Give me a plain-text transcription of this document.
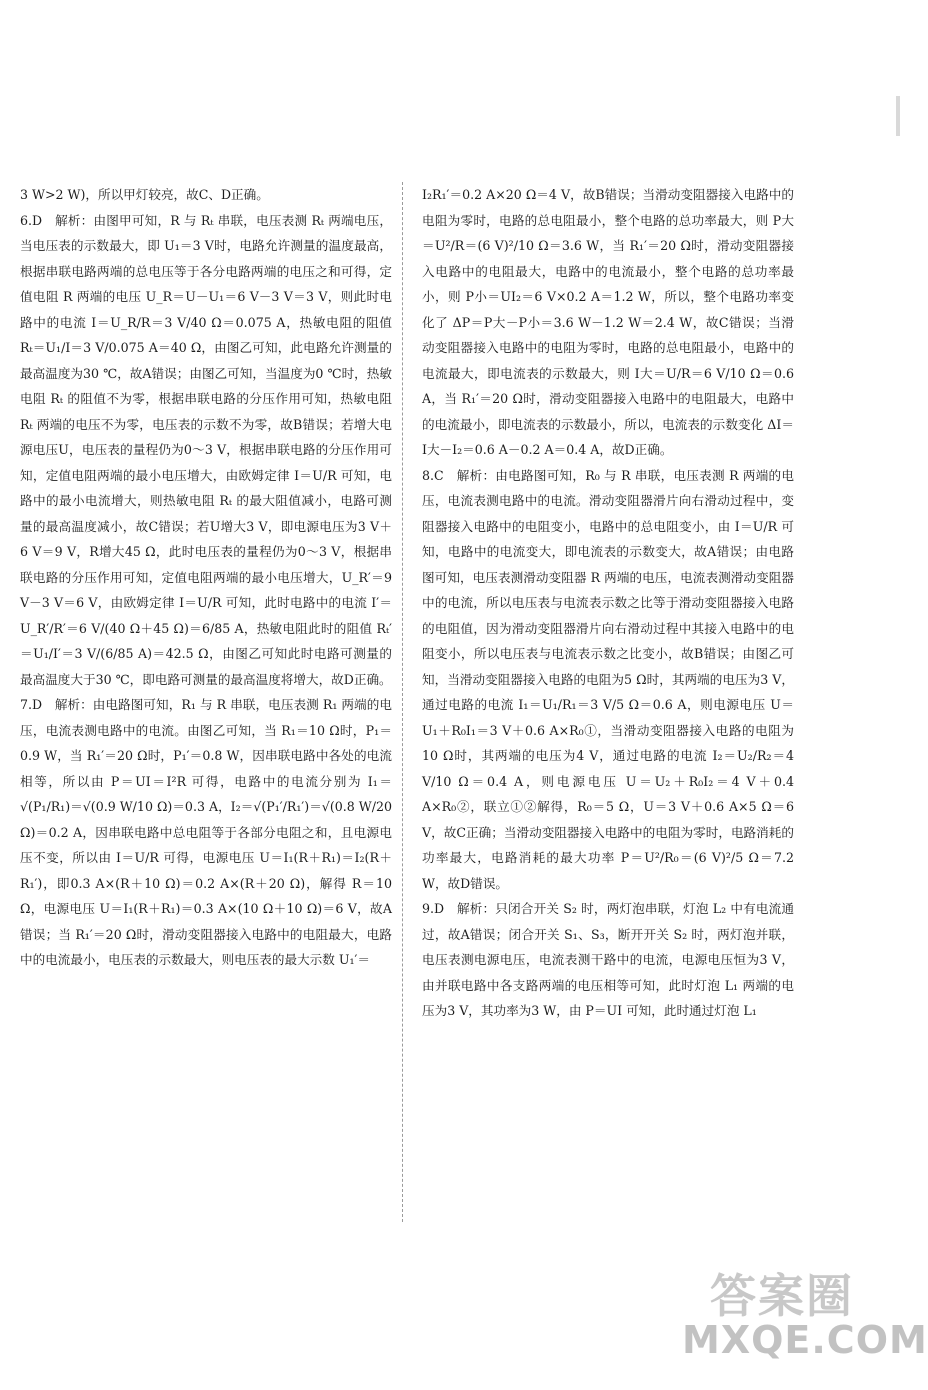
3 W>2 W)，所以甲灯较亮，故C、D正确。

6.D　解析：由图甲可知，R 与 Rₜ 串联，电压表测 Rₜ 两端电压，当电压表的示数最大，即 U₁＝3 V时，电路允许测量的温度最高，根据串联电路两端的总电压等于各分电路两端的电压之和可得，定值电阻 R 两端的电压 U_R＝U－U₁＝6 V－3 V＝3 V，则此时电路中的电流 I＝U_R/R＝3 V/40 Ω＝0.075 A，热敏电阻的阻值 Rₜ＝U₁/I＝3 V/0.075 A＝40 Ω，由图乙可知，此电路允许测量的最高温度为30 ℃，故A错误；由图乙可知，当温度为0 ℃时，热敏电阻 Rₜ 的阻值不为零，根据串联电路的分压作用可知，热敏电阻 Rₜ 两端的电压不为零，电压表的示数不为零，故B错误；若增大电源电压U，电压表的量程仍为0～3 V，根据串联电路的分压作用可知，定值电阻两端的最小电压增大，由欧姆定律 I＝U/R 可知，电路中的最小电流增大，则热敏电阻 Rₜ 的最大阻值减小，电路可测量的最高温度减小，故C错误；若U增大3 V，即电源电压为3 V＋6 V＝9 V，R增大45 Ω，此时电压表的量程仍为0～3 V，根据串联电路的分压作用可知，定值电阻两端的最小电压增大，U_R′＝9 V－3 V＝6 V，由欧姆定律 I＝U/R 可知，此时电路中的电流 I′＝U_R′/R′＝6 V/(40 Ω＋45 Ω)＝6/85 A，热敏电阻此时的阻值 Rₜ′＝U₁/I′＝3 V/(6/85 A)＝42.5 Ω，由图乙可知此时电路可测量的最高温度大于30 ℃，即电路可测量的最高温度将增大，故D正确。

7.D　解析：由电路图可知，R₁ 与 R 串联，电压表测 R₁ 两端的电压，电流表测电路中的电流。由图乙可知，当 R₁＝10 Ω时，P₁＝0.9 W，当 R₁′＝20 Ω时，P₁′＝0.8 W，因串联电路中各处的电流相等，所以由 P＝UI＝I²R 可得，电路中的电流分别为 I₁＝√(P₁/R₁)＝√(0.9 W/10 Ω)＝0.3 A，I₂＝√(P₁′/R₁′)＝√(0.8 W/20 Ω)＝0.2 A，因串联电路中总电阻等于各部分电阻之和，且电源电压不变，所以由 I＝U/R 可得，电源电压 U＝I₁(R＋R₁)＝I₂(R＋R₁′)，即0.3 A×(R＋10 Ω)＝0.2 A×(R＋20 Ω)，解得 R＝10 Ω，电源电压 U＝I₁(R＋R₁)＝0.3 A×(10 Ω＋10 Ω)＝6 V，故A错误；当 R₁′＝20 Ω时，滑动变阻器接入电路中的电阻最大，电路中的电流最小，电压表的示数最大，则电压表的最大示数 U₁′＝

I₂R₁′＝0.2 A×20 Ω＝4 V，故B错误；当滑动变阻器接入电路中的电阻为零时，电路的总电阻最小，整个电路的总功率最大，则 P大＝U²/R＝(6 V)²/10 Ω＝3.6 W，当 R₁′＝20 Ω时，滑动变阻器接入电路中的电阻最大，电路中的电流最小，整个电路的总功率最小，则 P小＝UI₂＝6 V×0.2 A＝1.2 W，所以，整个电路功率变化了 ΔP＝P大－P小＝3.6 W－1.2 W＝2.4 W，故C错误；当滑动变阻器接入电路中的电阻为零时，电路的总电阻最小，电路中的电流最大，即电流表的示数最大，则 I大＝U/R＝6 V/10 Ω＝0.6 A，当 R₁′＝20 Ω时，滑动变阻器接入电路中的电阻最大，电路中的电流最小，即电流表的示数最小，所以，电流表的示数变化 ΔI＝I大－I₂＝0.6 A－0.2 A＝0.4 A，故D正确。

8.C　解析：由电路图可知，R₀ 与 R 串联，电压表测 R 两端的电压，电流表测电路中的电流。滑动变阻器滑片向右滑动过程中，变阻器接入电路中的电阻变小，电路中的总电阻变小，由 I＝U/R 可知，电路中的电流变大，即电流表的示数变大，故A错误；由电路图可知，电压表测滑动变阻器 R 两端的电压，电流表测滑动变阻器中的电流，所以电压表与电流表示数之比等于滑动变阻器接入电路的电阻值，因为滑动变阻器滑片向右滑动过程中其接入电路中的电阻变小，所以电压表与电流表示数之比变小，故B错误；由图乙可知，当滑动变阻器接入电路的电阻为5 Ω时，其两端的电压为3 V，通过电路的电流 I₁＝U₁/R₁＝3 V/5 Ω＝0.6 A，则电源电压 U＝U₁＋R₀I₁＝3 V＋0.6 A×R₀①，当滑动变阻器接入电路的电阻为10 Ω时，其两端的电压为4 V，通过电路的电流 I₂＝U₂/R₂＝4 V/10 Ω＝0.4 A，则电源电压 U＝U₂＋R₀I₂＝4 V＋0.4 A×R₀②，联立①②解得，R₀＝5 Ω，U＝3 V＋0.6 A×5 Ω＝6 V，故C正确；当滑动变阻器接入电路中的电阻为零时，电路消耗的功率最大，电路消耗的最大功率 P＝U²/R₀＝(6 V)²/5 Ω＝7.2 W，故D错误。

9.D　解析：只闭合开关 S₂ 时，两灯泡串联，灯泡 L₂ 中有电流通过，故A错误；闭合开关 S₁、S₃，断开开关 S₂ 时，两灯泡并联，电压表测电源电压，电流表测干路中的电流，电源电压恒为3 V，由并联电路中各支路两端的电压相等可知，此时灯泡 L₁ 两端的电压为3 V，其功率为3 W，由 P＝UI 可知，此时通过灯泡 L₁

答案圈
MXQE.COM
